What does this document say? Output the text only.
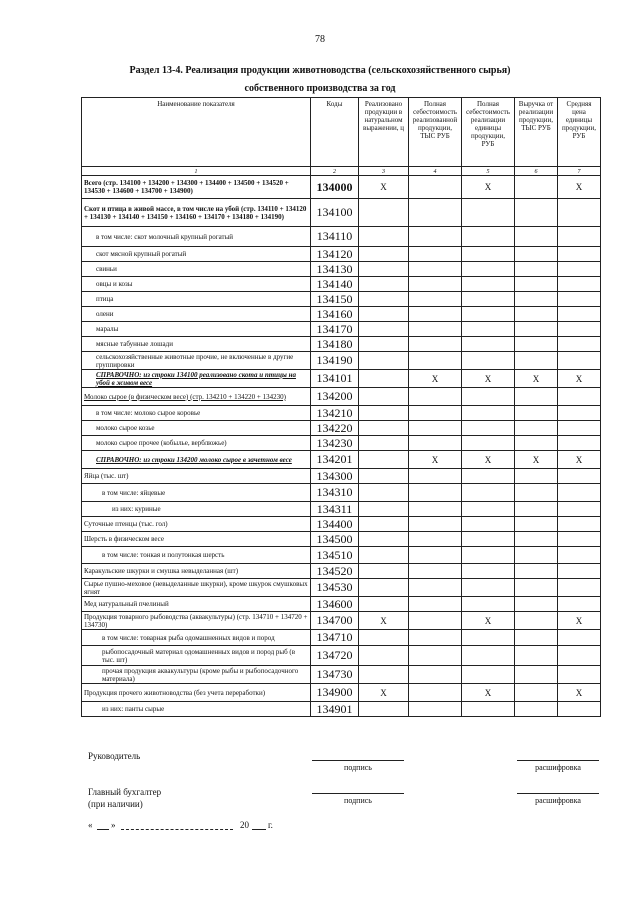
78
Раздел 13-4. Реализация продукции животноводства (сельскохозяйственного сырья)
собственного производства за год
Наименование показателя	Коды	Реализовано продукции в натуральном выражении, ц	Полная себестоимость реализованной продукции, ТЫС РУБ	Полная себестоимость реализации единицы продукции, РУБ	Выручка от реализации продукции, ТЫС РУБ	Средняя цена единицы продукции, РУБ
1	2	3	4	5	6	7
Всего (стр. 134100 + 134200 + 134300 + 134400 + 134500 + 134520 + 134530 + 134600 + 134700 + 134900)	134000	X		X		X
Скот и птица в живой массе, в том числе на убой (стр. 134110 + 134120 + 134130 + 134140 + 134150 + 134160 + 134170 + 134180 + 134190)	134100					
в том числе: скот молочный крупный рогатый	134110					
скот мясной крупный рогатый	134120					
свиньи	134130					
овцы и козы	134140					
птица	134150					
олени	134160					
маралы	134170					
мясные табунные лошади	134180					
сельскохозяйственные животные прочие, не включенные в другие группировки	134190					
СПРАВОЧНО: из строки 134100 реализовано скота и птицы на убой в живом весе	134101		X	X	X	X
Молоко сырое (в физическом весе) (стр. 134210 + 134220 + 134230)	134200					
в том числе: молоко сырое коровье	134210					
молоко сырое козье	134220					
молоко сырое прочее (кобылье, верблюжье)	134230					
СПРАВОЧНО: из строки 134200 молоко сырое в зачетном весе	134201		X	X	X	X
Яйца (тыс. шт)	134300					
в том числе: яйцевые	134310					
из них: куриные	134311					
Суточные птенцы (тыс. гол)	134400					
Шерсть в физическом весе	134500					
в том числе: тонкая и полутонкая шерсть	134510					
Каракульские шкурки и смушка невыделанная (шт)	134520					
Сырье пушно-меховое (невыделанные шкурки), кроме шкурок смушковых ягнят	134530					
Мед натуральный пчелиный	134600					
Продукция товарного рыбоводства (аквакультуры) (стр. 134710 + 134720 + 134730)	134700	X		X		X
в том числе: товарная рыба одомашненных видов и пород	134710					
рыбопосадочный материал одомашненных видов и пород рыб (в тыс. шт)	134720					
прочая продукция аквакультуры (кроме рыбы и рыбопосадочного материала)	134730					
Продукция прочего животноводства (без учета переработки)	134900	X		X		X
из них: панты сырые	134901					
Руководитель
подпись	расшифровка
Главный бухгалтер
(при наличии)	подпись	расшифровка
« »	20 г.
